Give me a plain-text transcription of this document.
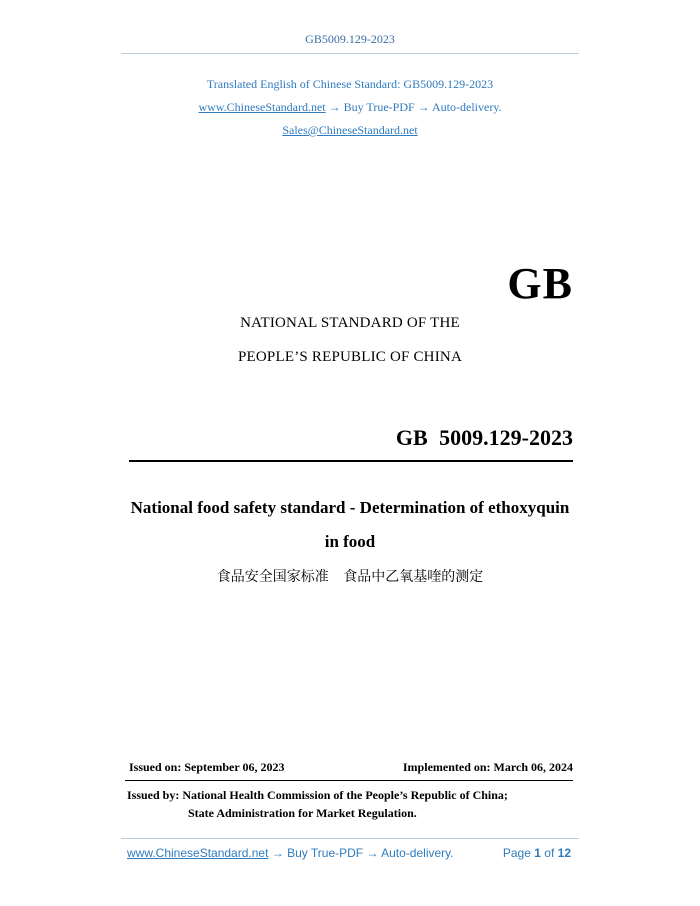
GB5009.129-2023
Translated English of Chinese Standard: GB5009.129-2023
www.ChineseStandard.net → Buy True-PDF → Auto-delivery.
Sales@ChineseStandard.net
GB
NATIONAL STANDARD OF THE
PEOPLE’S REPUBLIC OF CHINA
GB 5009.129-2023
National food safety standard - Determination of ethoxyquin
in food
食品安全国家标准 食品中乙氧基喹的测定
Issued on: September 06, 2023	Implemented on: March 06, 2024
Issued by: National Health Commission of the People’s Republic of China;
State Administration for Market Regulation.
www.ChineseStandard.net → Buy True-PDF → Auto-delivery.	Page 1 of 12
